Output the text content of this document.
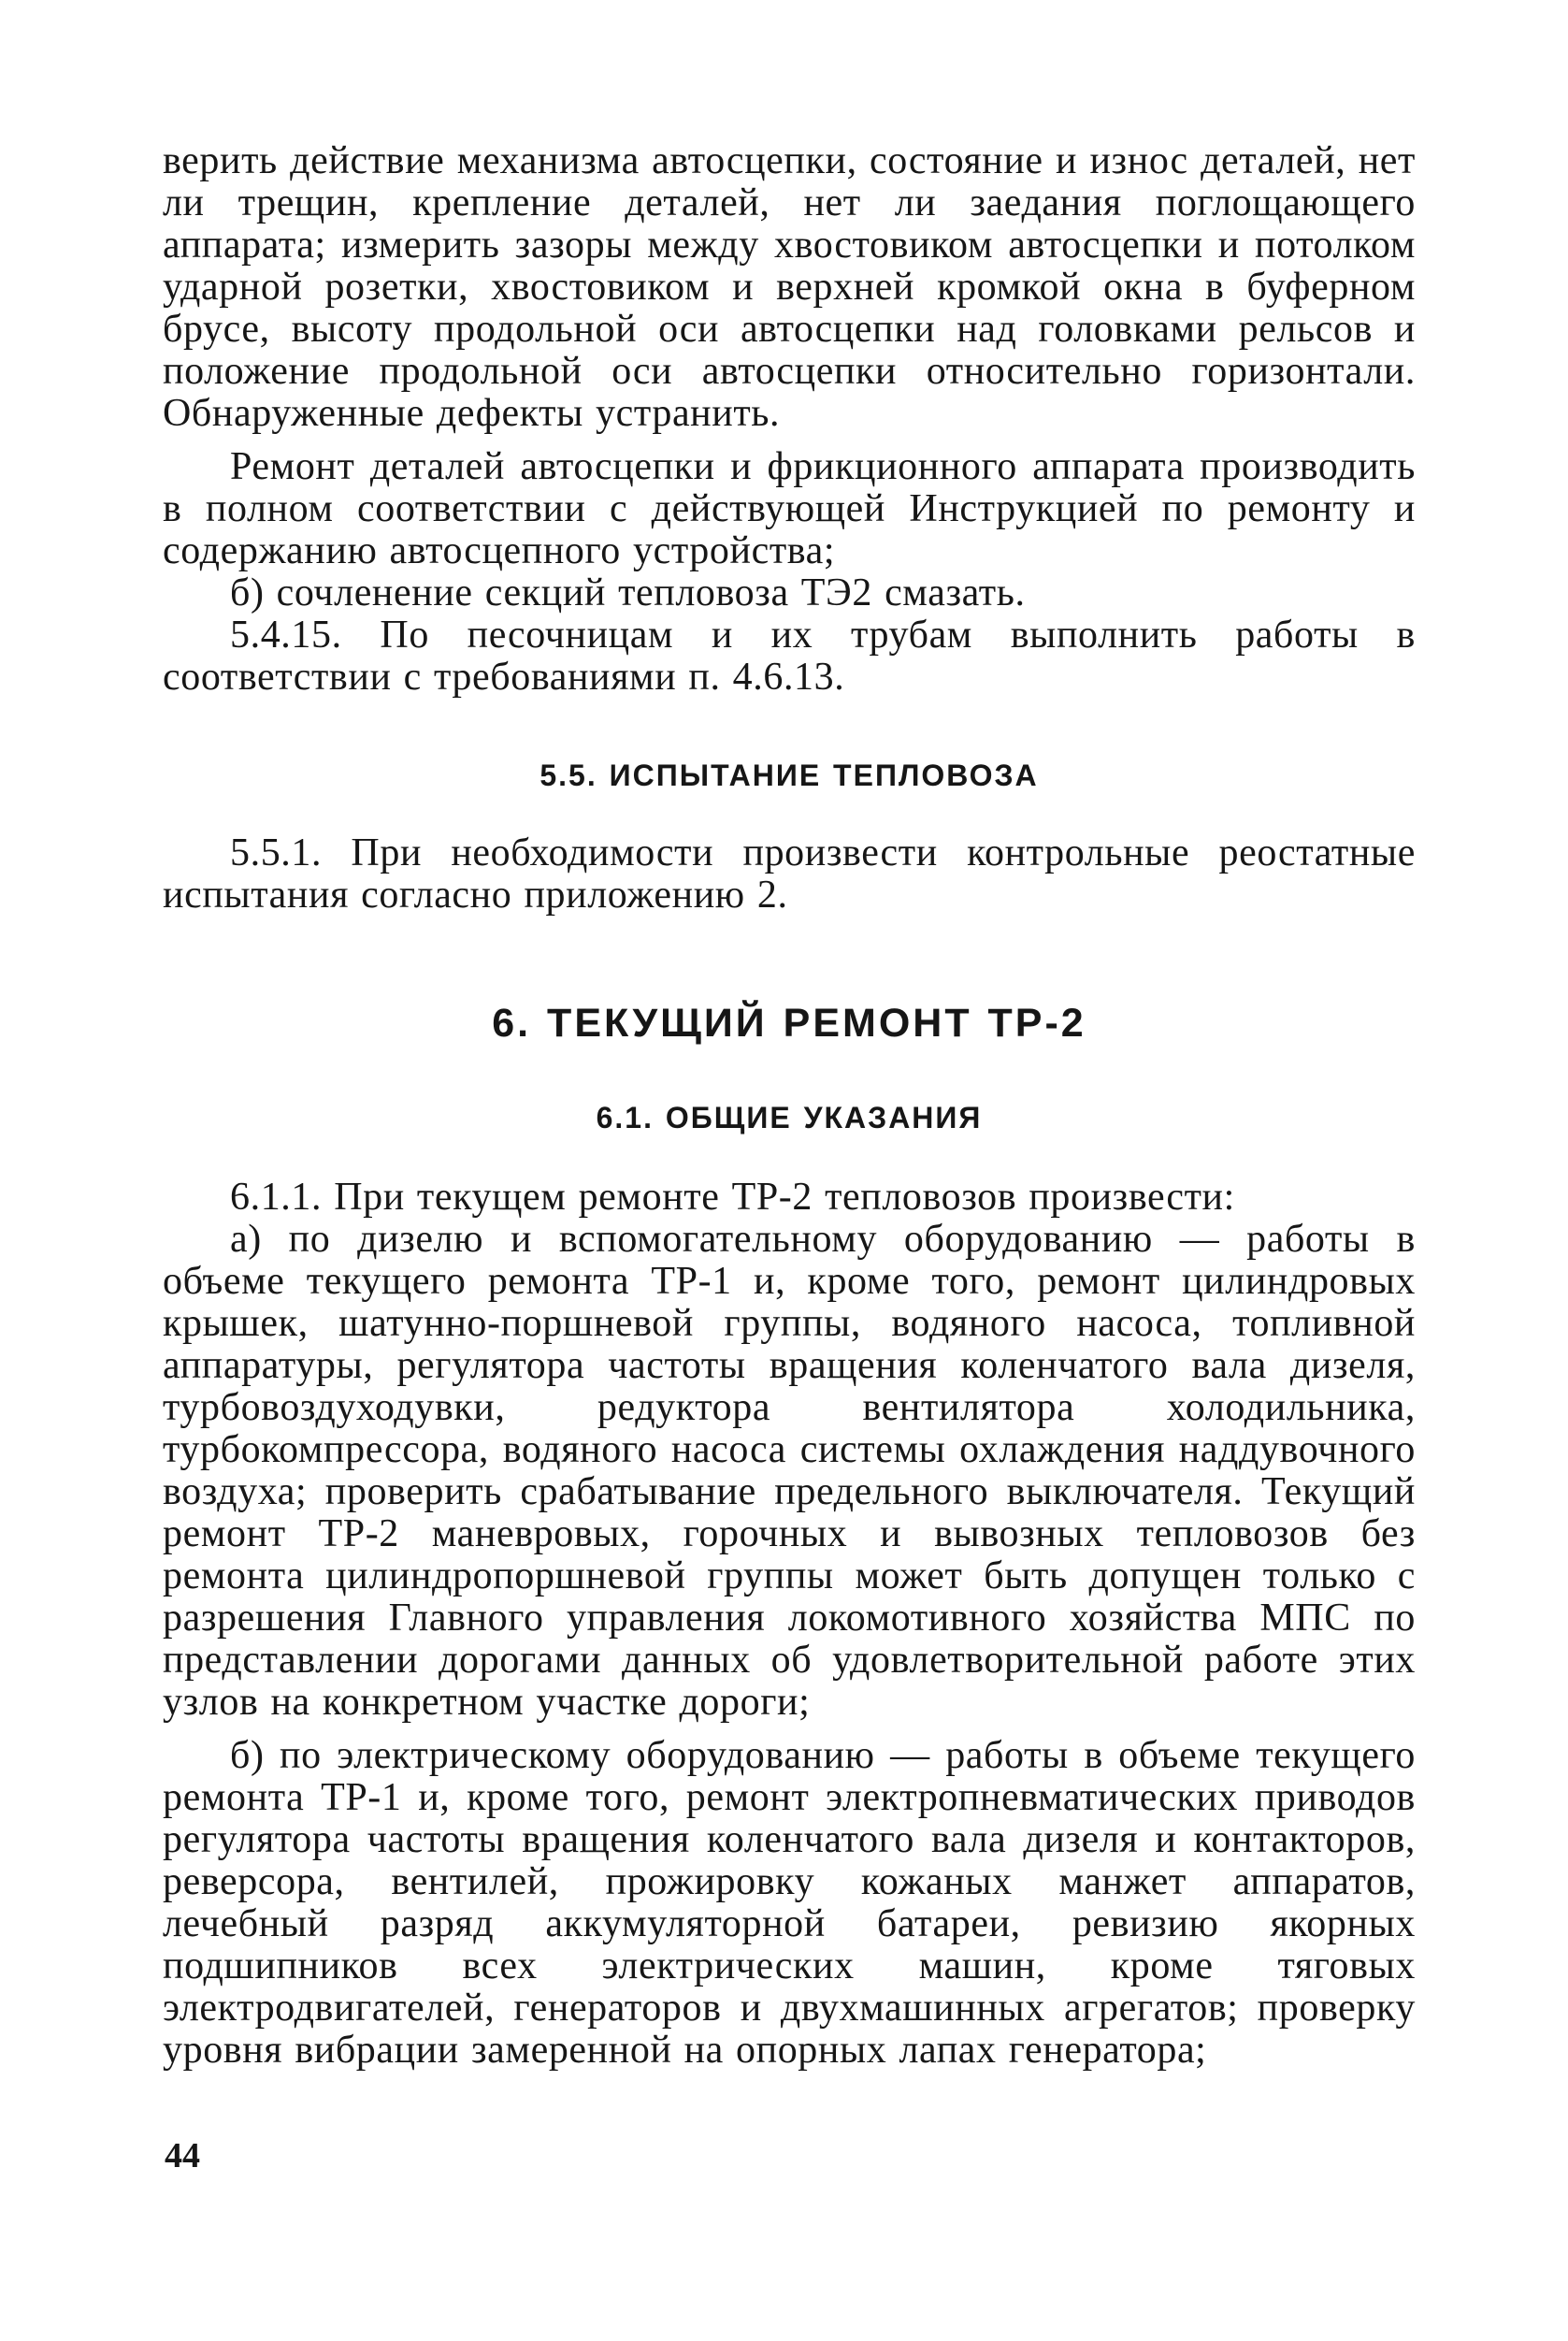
верить действие механизма автосцепки, состояние и износ деталей, нет ли трещин, крепление деталей, нет ли заедания поглощающего аппарата; измерить зазоры между хвостовиком автосцепки и потолком ударной розетки, хвостовиком и верхней кромкой окна в буферном брусе, высоту продольной оси автосцепки над головками рельсов и положение продольной оси автосцепки относительно горизонтали. Обнаруженные дефекты устранить.

Ремонт деталей автосцепки и фрикционного аппарата производить в полном соответствии с действующей Инструкцией по ремонту и содержанию автосцепного устройства;

б) сочленение секций тепловоза ТЭ2 смазать.

5.4.15. По песочницам и их трубам выполнить работы в соответствии с требованиями п. 4.6.13.

5.5. ИСПЫТАНИЕ ТЕПЛОВОЗА

5.5.1. При необходимости произвести контрольные реостатные испытания согласно приложению 2.

6. ТЕКУЩИЙ РЕМОНТ ТР-2
6.1. ОБЩИЕ УКАЗАНИЯ

6.1.1. При текущем ремонте ТР-2 тепловозов произвести:

а) по дизелю и вспомогательному оборудованию — работы в объеме текущего ремонта ТР-1 и, кроме того, ремонт цилиндровых крышек, шатунно-поршневой группы, водяного насоса, топливной аппаратуры, регулятора частоты вращения коленчатого вала дизеля, турбовоздуходувки, редуктора вентилятора холодильника, турбокомпрессора, водяного насоса системы охлаждения наддувочного воздуха; проверить срабатывание предельного выключателя. Текущий ремонт ТР-2 маневровых, горочных и вывозных тепловозов без ремонта цилиндропоршневой группы может быть допущен только с разрешения Главного управления локомотивного хозяйства МПС по представлении дорогами данных об удовлетворительной работе этих узлов на конкретном участке дороги;

б) по электрическому оборудованию — работы в объеме текущего ремонта ТР-1 и, кроме того, ремонт электропневматических приводов регулятора частоты вращения коленчатого вала дизеля и контакторов, реверсора, вентилей, прожировку кожаных манжет аппаратов, лечебный разряд аккумуляторной батареи, ревизию якорных подшипников всех электрических машин, кроме тяговых электродвигателей, генераторов и двухмашинных агрегатов; проверку уровня вибрации замеренной на опорных лапах генератора;

44
